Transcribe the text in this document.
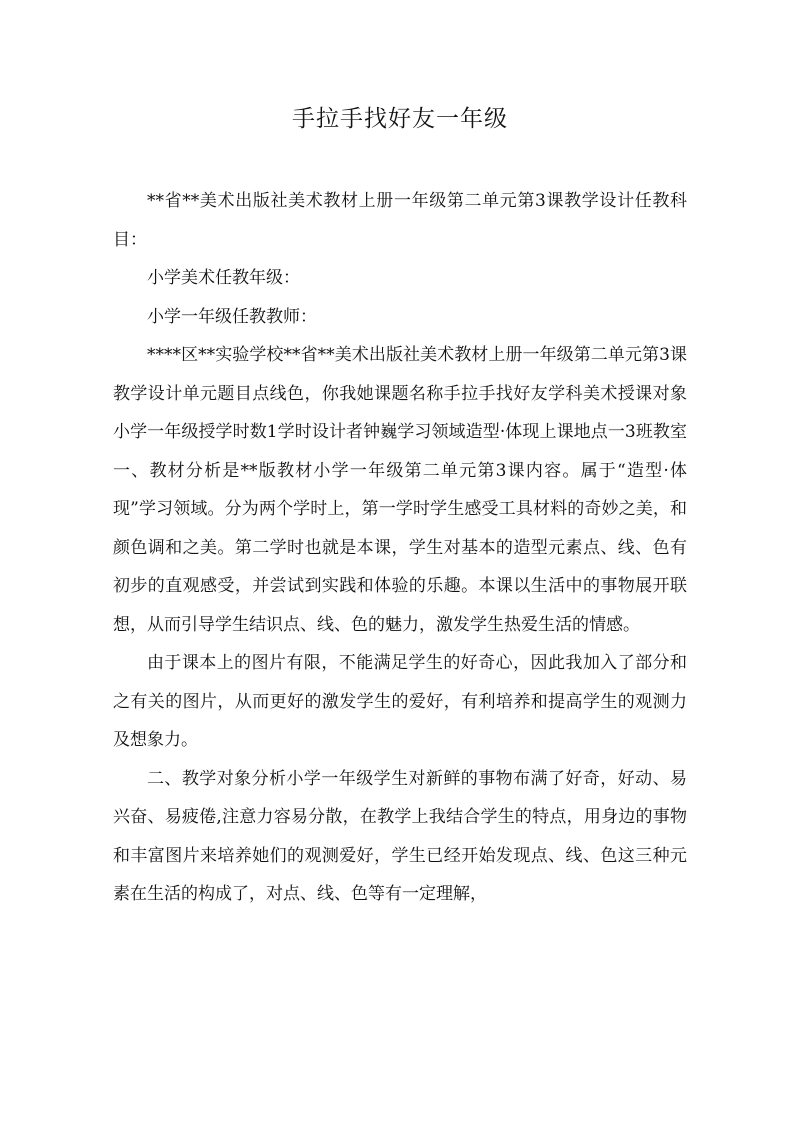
手拉手找好友一年级

**省**美术出版社美术教材上册一年级第二单元第3课教学设计任教科目：

小学美术任教年级：

小学一年级任教教师：

****区**实验学校**省**美术出版社美术教材上册一年级第二单元第3课教学设计单元题目点线色，你我她课题名称手拉手找好友学科美术授课对象小学一年级授学时数1学时设计者钟巍学习领域造型·体现上课地点一3班教室一、教材分析是**版教材小学一年级第二单元第3课内容。属于“造型·体现”学习领域。分为两个学时上，第一学时学生感受工具材料的奇妙之美，和颜色调和之美。第二学时也就是本课，学生对基本的造型元素点、线、色有初步的直观感受，并尝试到实践和体验的乐趣。本课以生活中的事物展开联想，从而引导学生结识点、线、色的魅力，激发学生热爱生活的情感。

由于课本上的图片有限，不能满足学生的好奇心，因此我加入了部分和之有关的图片，从而更好的激发学生的爱好，有利培养和提高学生的观测力及想象力。

二、教学对象分析小学一年级学生对新鲜的事物布满了好奇，好动、易兴奋、易疲倦,注意力容易分散，在教学上我结合学生的特点，用身边的事物和丰富图片来培养她们的观测爱好，学生已经开始发现点、线、色这三种元素在生活的构成了，对点、线、色等有一定理解，
